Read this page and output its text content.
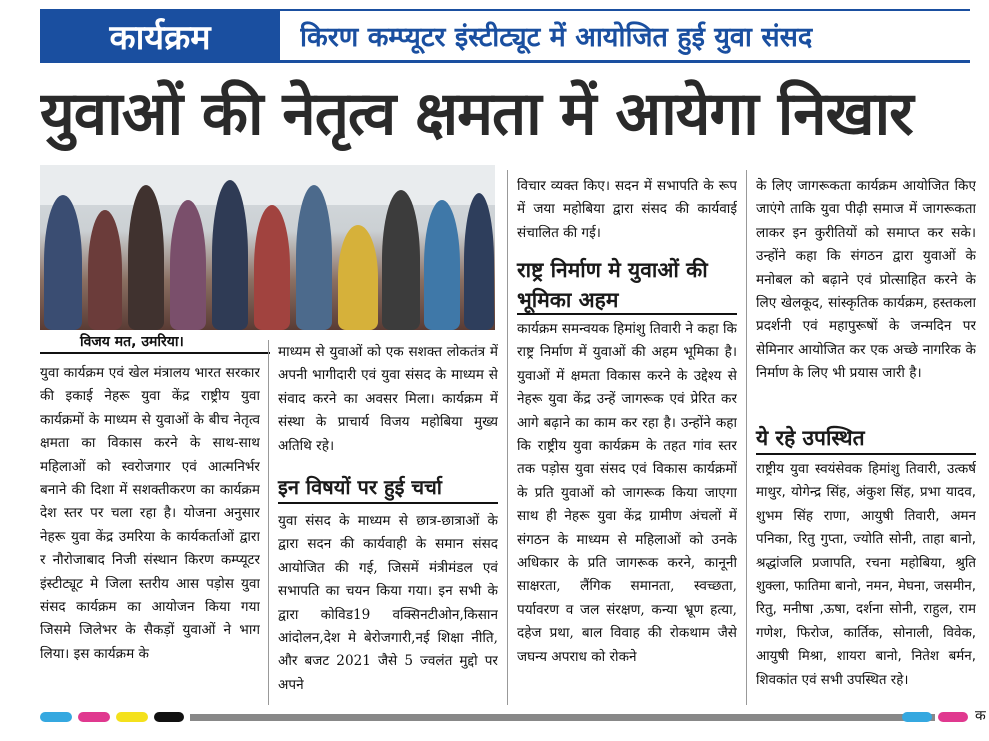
कार्यक्रम	किरण कम्प्यूटर इंस्टीट्यूट में आयोजित हुई युवा संसद
युवाओं की नेतृत्व क्षमता में आयेगा निखार
विजय मत, उमरिया।
युवा कार्यक्रम एवं खेल मंत्रालय भारत सरकार की इकाई नेहरू युवा केंद्र राष्ट्रीय युवा कार्यक्रमों के माध्यम से युवाओं के बीच नेतृत्व क्षमता का विकास करने के साथ-साथ महिलाओं को स्वरोजगार एवं आत्मनिर्भर बनाने की दिशा में सशक्तीकरण का कार्यक्रम देश स्तर पर चला रहा है। योजना अनुसार नेहरू युवा केंद्र उमरिया के कार्यकर्ताओं द्वारा र नौरोजाबाद निजी संस्थान किरण कम्प्यूटर इंस्टीट्यूट मे जिला स्तरीय आस पड़ोस युवा संसद कार्यक्रम का आयोजन किया गया जिसमे जिलेभर के सैकड़ों युवाओं ने भाग लिया। इस कार्यक्रम के
माध्यम से युवाओं को एक सशक्त लोकतंत्र में अपनी भागीदारी एवं युवा संसद के माध्यम से संवाद करने का अवसर मिला। कार्यक्रम में संस्था के प्राचार्य विजय महोबिया मुख्य अतिथि रहे।
इन विषयों पर हुई चर्चा
युवा संसद के माध्यम से छात्र-छात्राओं के द्वारा सदन की कार्यवाही के समान संसद आयोजित की गई, जिसमें मंत्रीमंडल एवं सभापति का चयन किया गया। इन सभी के द्वारा कोविड19 वक्सिनटीओन,किसान आंदोलन,देश मे बेरोजगारी,नई शिक्षा नीति, और बजट 2021 जैसे 5 ज्वलंत मुद्दो पर अपने
विचार व्यक्त किए। सदन में सभापति के रूप में जया महोबिया द्वारा संसद की कार्यवाई संचालित की गई।
राष्ट्र निर्माण मे युवाओं की भूमिका अहम
कार्यक्रम समन्वयक हिमांशु तिवारी ने कहा कि राष्ट्र निर्माण में युवाओं की अहम भूमिका है। युवाओं में क्षमता विकास करने के उद्देश्य से नेहरू युवा केंद्र उन्हें जागरूक एवं प्रेरित कर आगे बढ़ाने का काम कर रहा है। उन्होंने कहा कि राष्ट्रीय युवा कार्यक्रम के तहत गांव स्तर तक पड़ोस युवा संसद एवं विकास कार्यक्रमों के प्रति युवाओं को जागरूक किया जाएगा साथ ही नेहरू युवा केंद्र ग्रामीण अंचलों में संगठन के माध्यम से महिलाओं को उनके अधिकार के प्रति जागरूक करने, कानूनी साक्षरता, लैंगिक समानता, स्वच्छता, पर्यावरण व जल संरक्षण, कन्या भ्रूण हत्या, दहेज प्रथा, बाल विवाह की रोकथाम जैसे जघन्य अपराध को रोकने
के लिए जागरूकता कार्यक्रम आयोजित किए जाएंगे ताकि युवा पीढ़ी समाज में जागरूकता लाकर इन कुरीतियों को समाप्त कर सके। उन्होंने कहा कि संगठन द्वारा युवाओं के मनोबल को बढ़ाने एवं प्रोत्साहित करने के लिए खेलकूद, सांस्कृतिक कार्यक्रम, हस्तकला प्रदर्शनी एवं महापुरूषों के जन्मदिन पर सेमिनार आयोजित कर एक अच्छे नागरिक के निर्माण के लिए भी प्रयास जारी है।
ये रहे उपस्थित
राष्ट्रीय युवा स्वयंसेवक हिमांशु तिवारी, उत्कर्ष माथुर, योगेन्द्र सिंह, अंकुश सिंह, प्रभा यादव, शुभम सिंह राणा, आयुषी तिवारी, अमन पनिका, रितु गुप्ता, ज्योति सोनी, ताहा बानो, श्रद्धांजलि प्रजापति, रचना महोबिया, श्रुति शुक्ला, फातिमा बानो, नमन, मेघना, जसमीन, रितु, मनीषा ,ऊषा, दर्शना सोनी, राहुल, राम गणेश, फिरोज, कार्तिक, सोनाली, विवेक, आयुषी मिश्रा, शायरा बानो, नितेश बर्मन, शिवकांत एवं सभी उपस्थित रहे।
क
